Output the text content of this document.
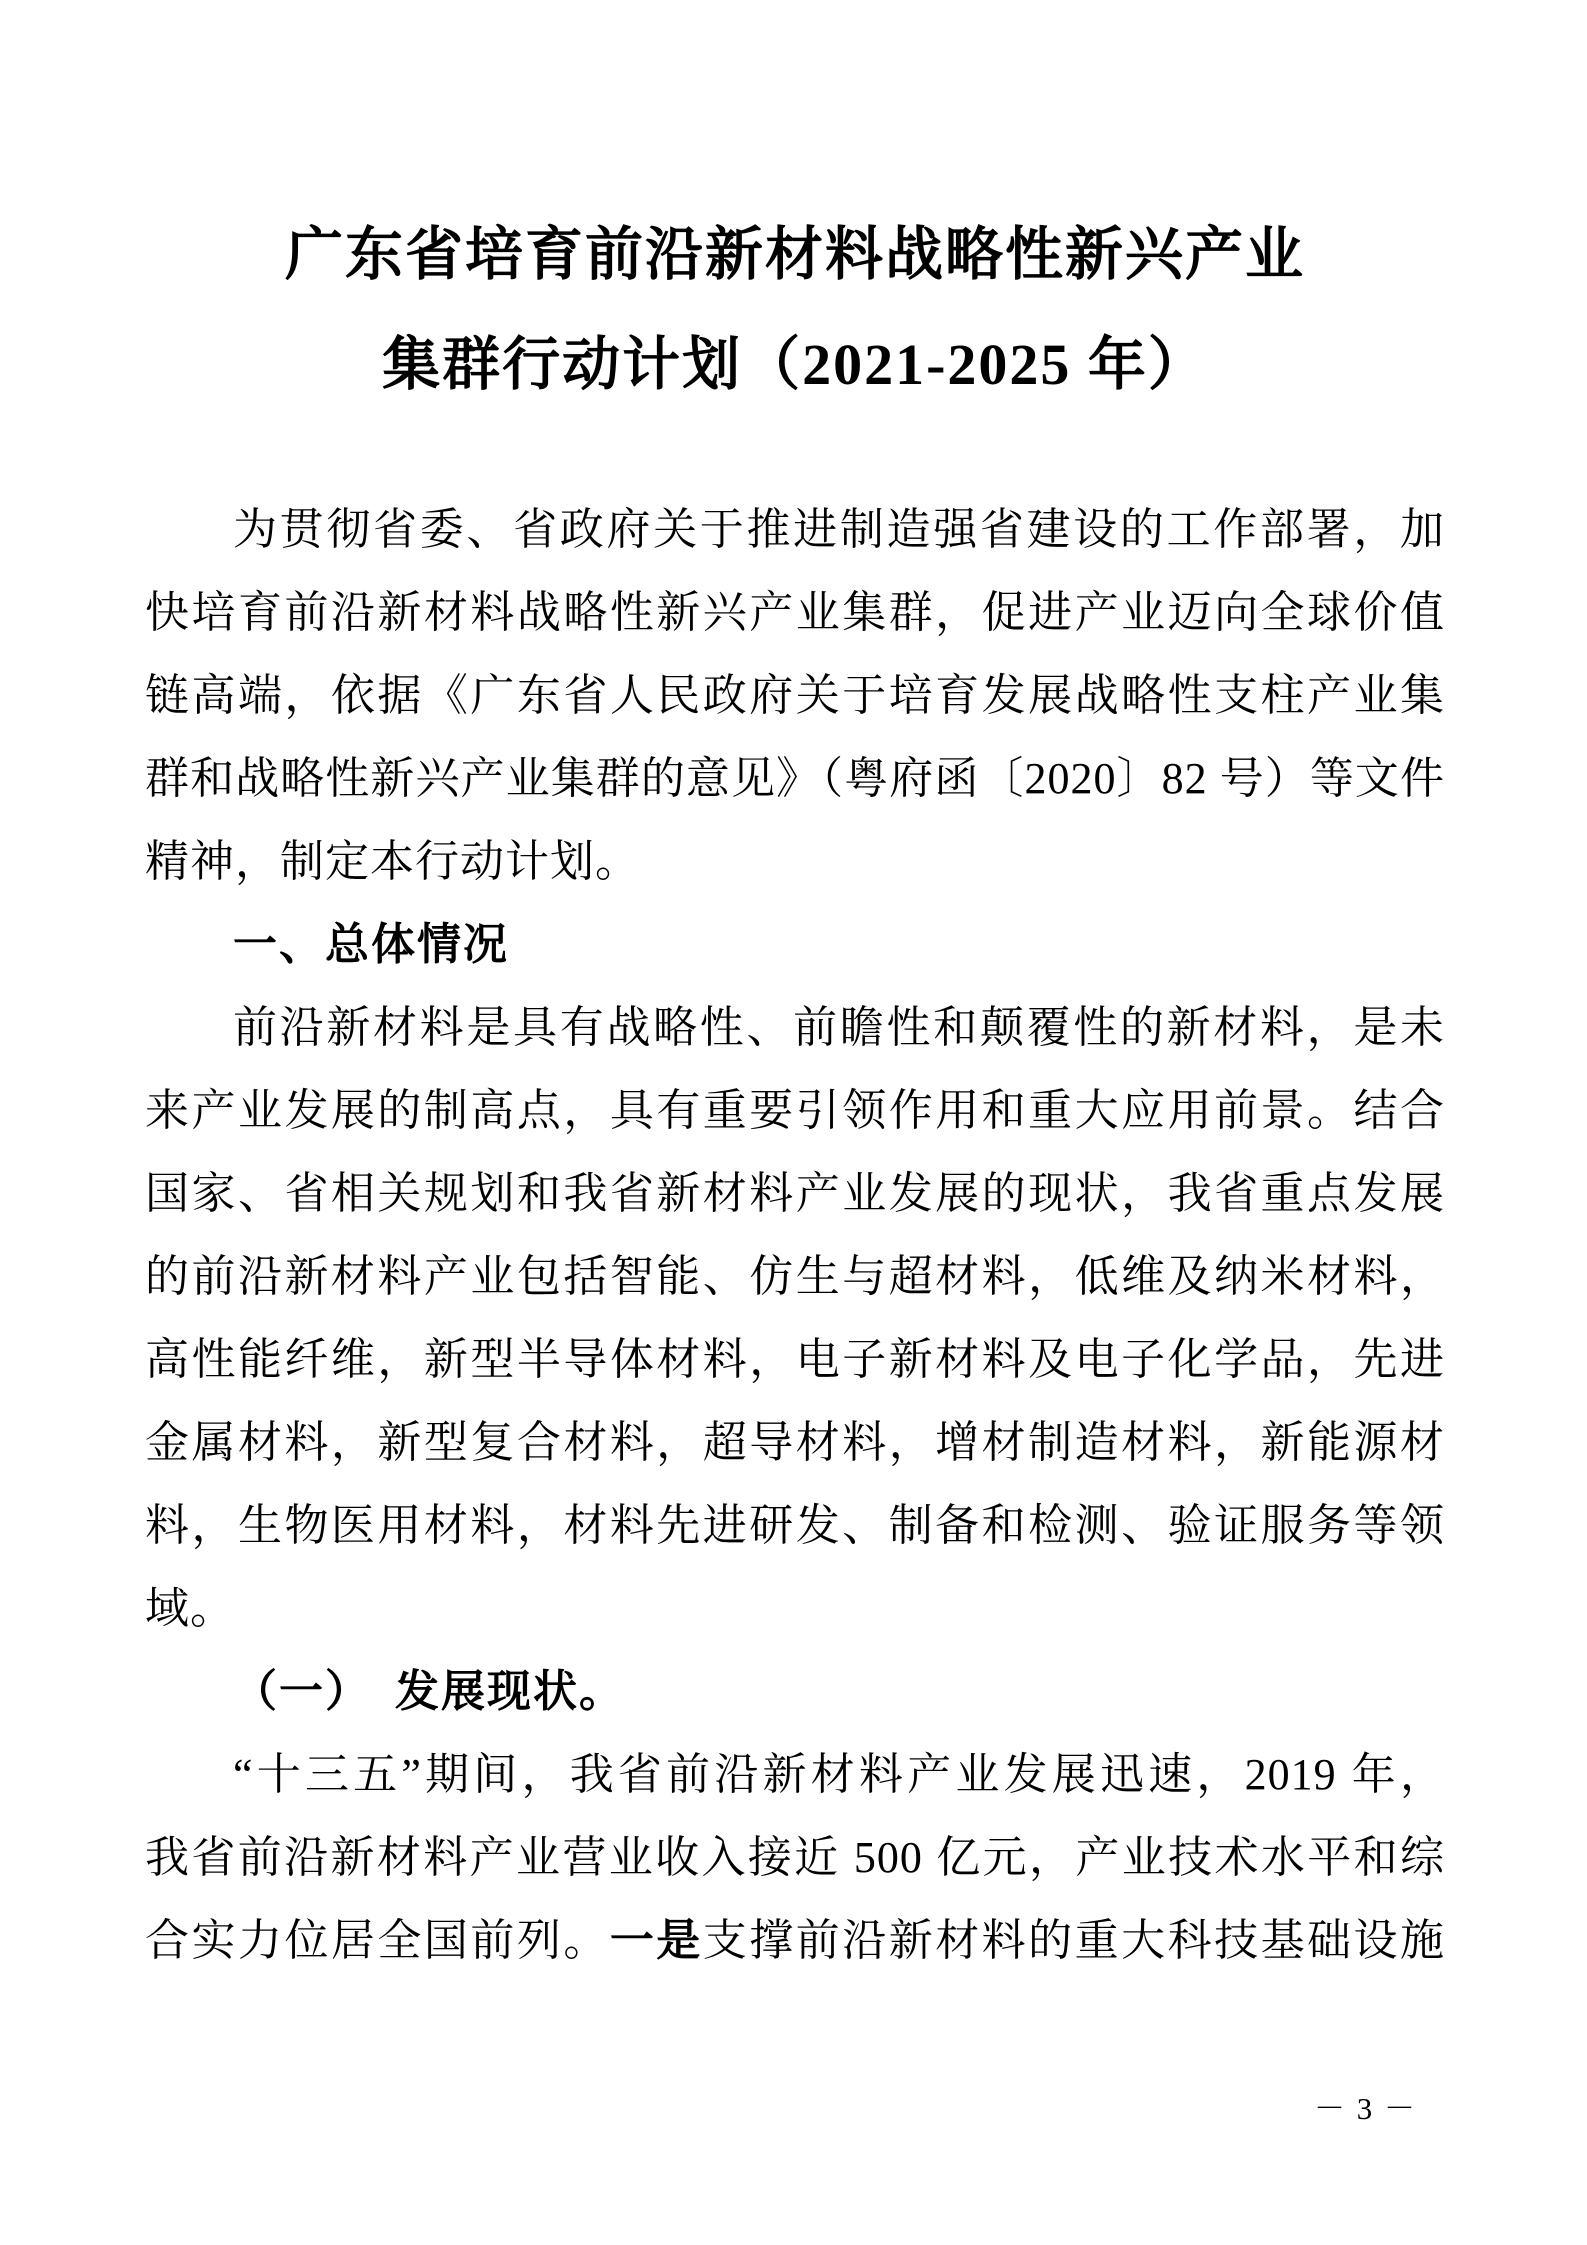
广东省培育前沿新材料战略性新兴产业
集群行动计划（2021-2025 年）
为贯彻省委、省政府关于推进制造强省建设的工作部署，加
快培育前沿新材料战略性新兴产业集群，促进产业迈向全球价值
链高端，依据《广东省人民政府关于培育发展战略性支柱产业集
群和战略性新兴产业集群的意见》（粤府函〔2020〕82 号）等文件
精神，制定本行动计划。
一、总体情况
前沿新材料是具有战略性、前瞻性和颠覆性的新材料，是未
来产业发展的制高点，具有重要引领作用和重大应用前景。结合
国家、省相关规划和我省新材料产业发展的现状，我省重点发展
的前沿新材料产业包括智能、仿生与超材料，低维及纳米材料，
高性能纤维，新型半导体材料，电子新材料及电子化学品，先进
金属材料，新型复合材料，超导材料，增材制造材料，新能源材
料，生物医用材料，材料先进研发、制备和检测、验证服务等领
域。
（一）　发展现状。
“十三五”期间，我省前沿新材料产业发展迅速，2019 年，
我省前沿新材料产业营业收入接近 500 亿元，产业技术水平和综
合实力位居全国前列。一是支撑前沿新材料的重大科技基础设施
－ 3 －
